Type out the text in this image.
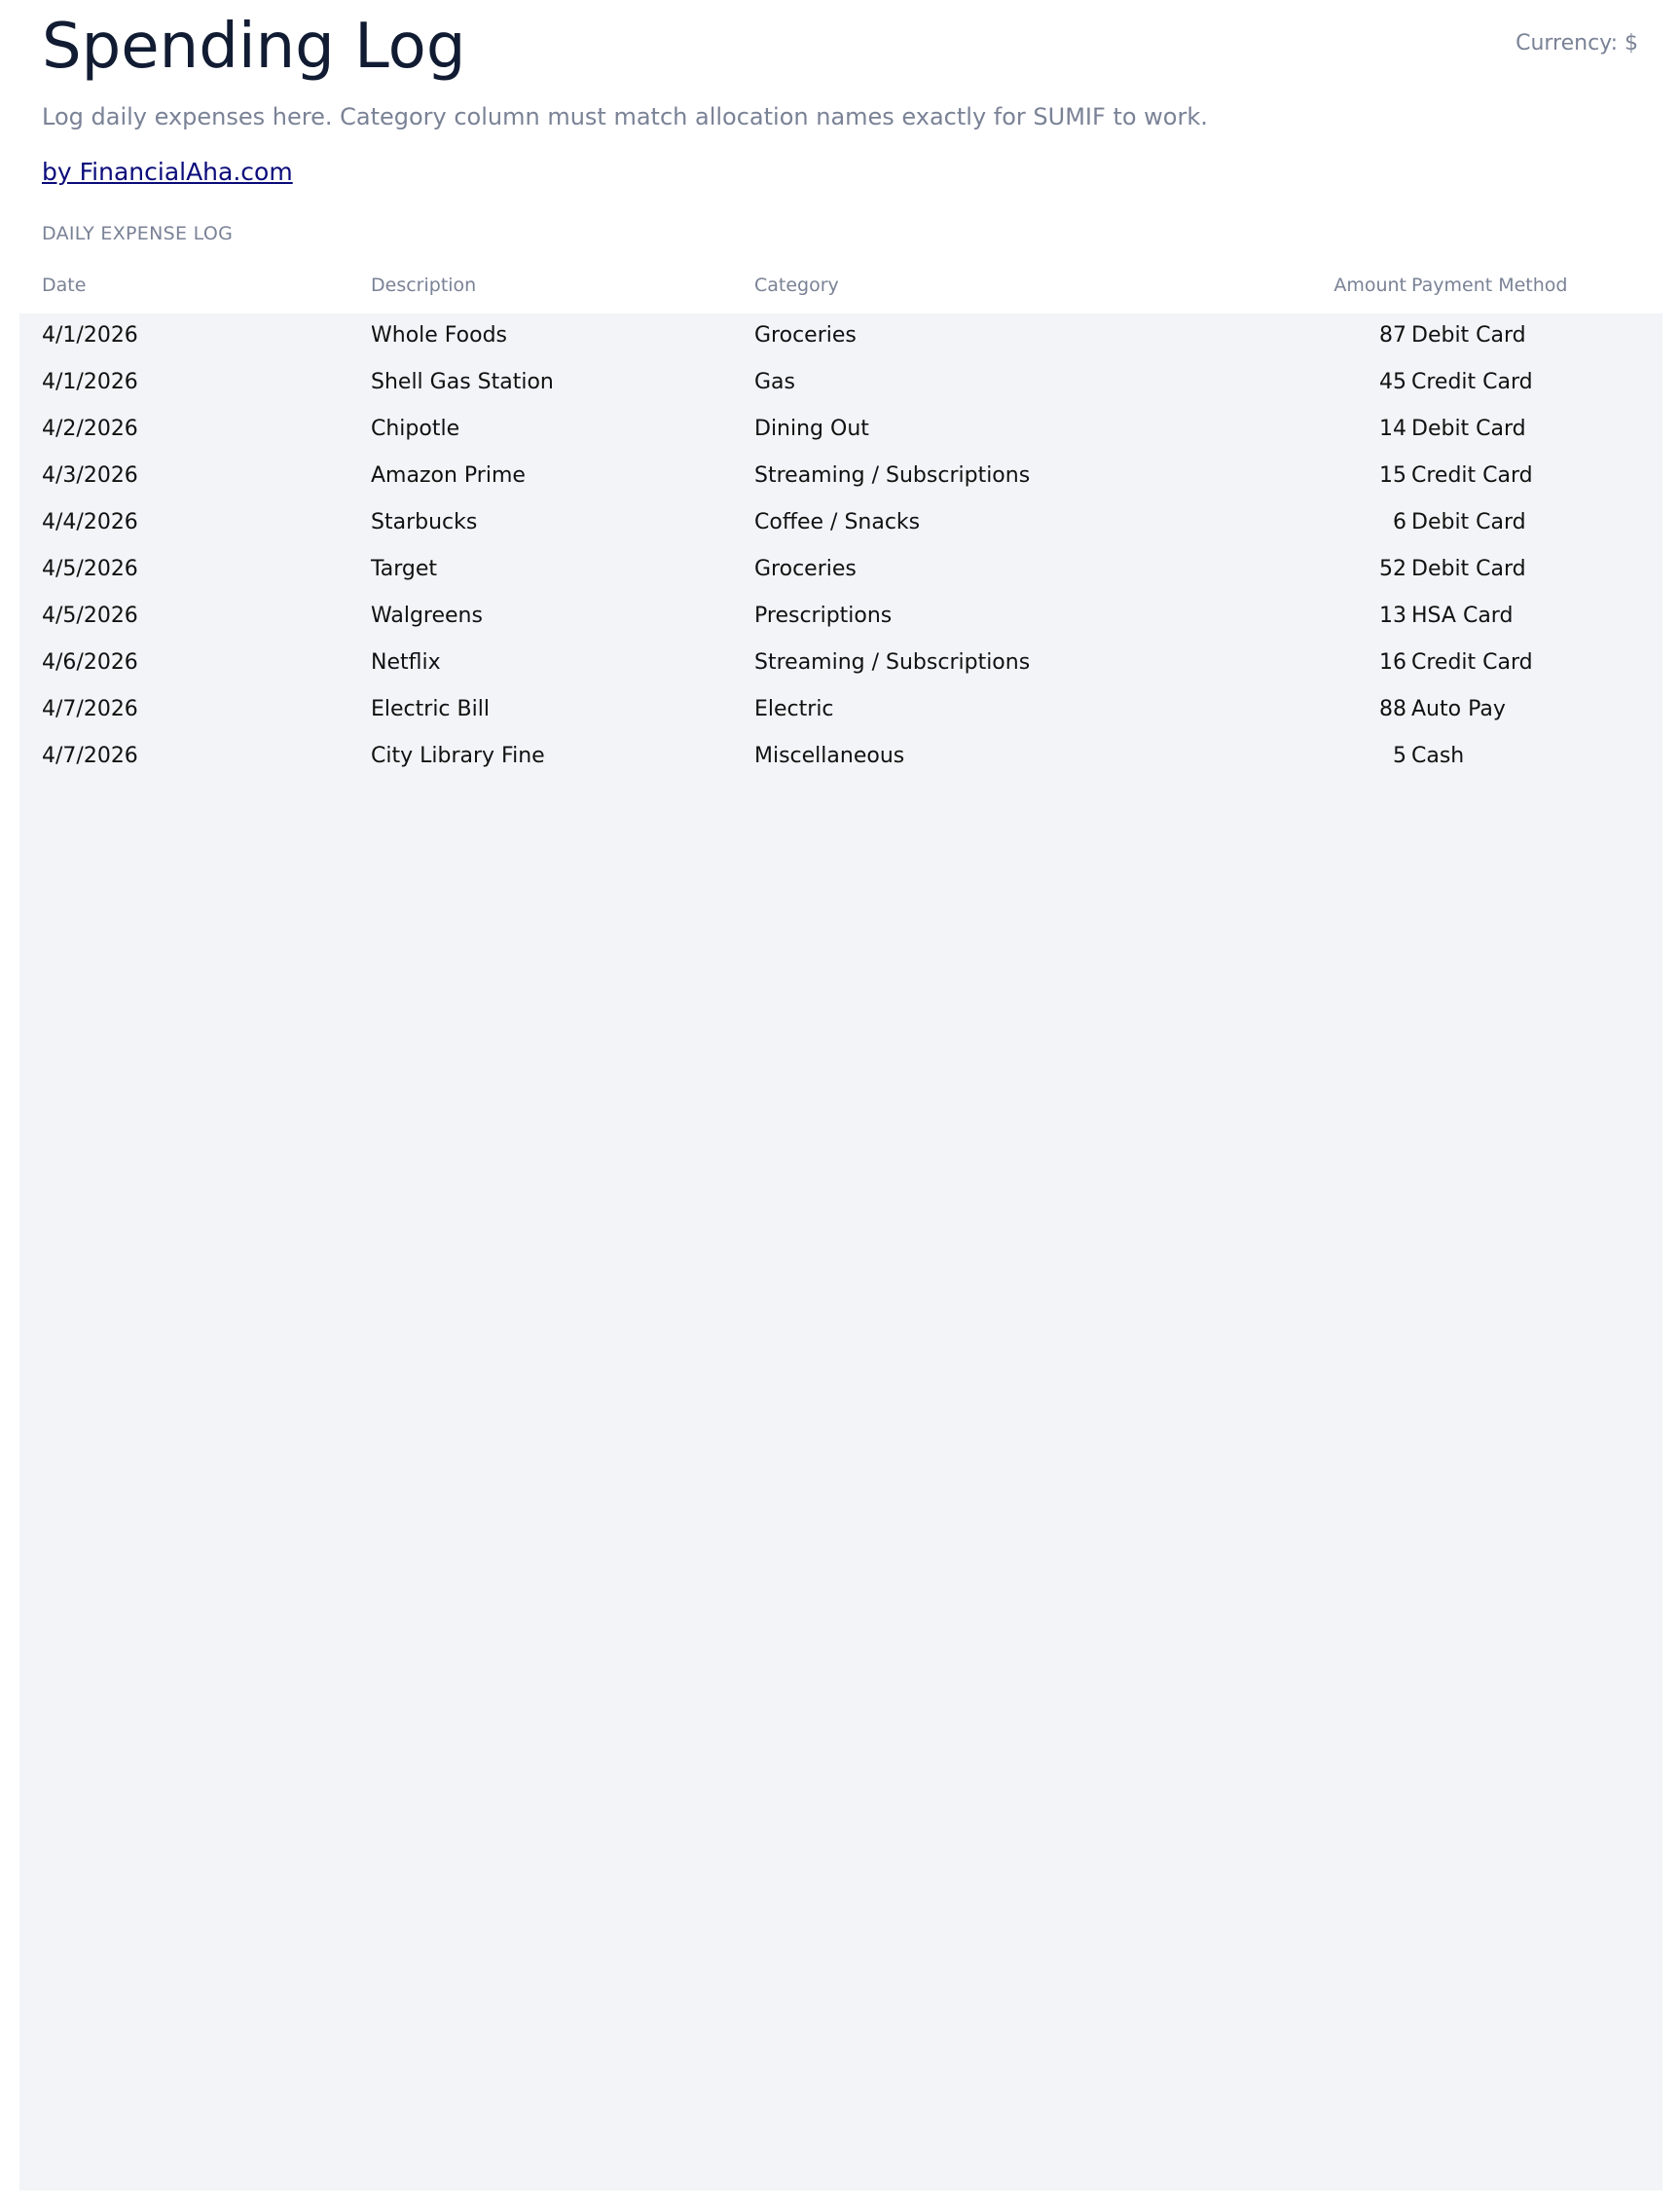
Spending Log	Currency: $

Log daily expenses here. Category column must match allocation names exactly for SUMIF to work.

by FinancialAha.com
DAILY EXPENSE LOG
Date	Description	Category	Amount Payment Method
4/1/2026	Whole Foods	Groceries	87 Debit Card
4/1/2026	Shell Gas Station	Gas	45 Credit Card
4/2/2026	Chipotle	Dining Out	14 Debit Card
4/3/2026	Amazon Prime	Streaming / Subscriptions	15 Credit Card
4/4/2026	Starbucks	Coffee / Snacks	6 Debit Card
4/5/2026	Target	Groceries	52 Debit Card
4/5/2026	Walgreens	Prescriptions	13 HSA Card
4/6/2026	Netflix	Streaming / Subscriptions	16 Credit Card
4/7/2026	Electric Bill	Electric	88 Auto Pay
4/7/2026	City Library Fine	Miscellaneous	5 Cash
